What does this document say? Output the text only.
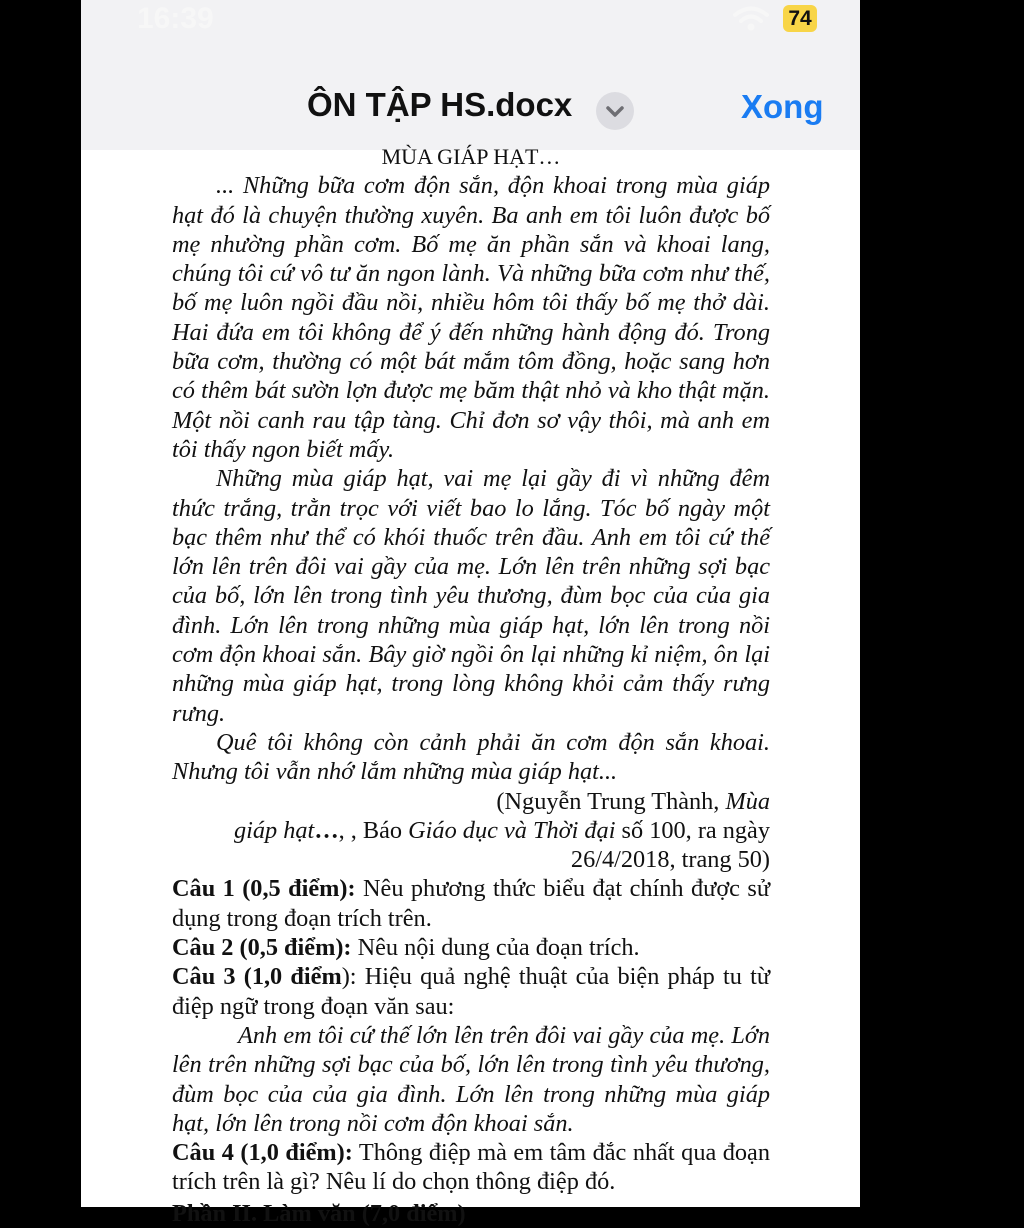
16:39	74
ÔN TẬP HS.docx	Xong

MÙA GIÁP HẠT…

... Những bữa cơm độn sắn, độn khoai trong mùa giáp hạt đó là chuyện thường xuyên. Ba anh em tôi luôn được bố mẹ nhường phần cơm. Bố mẹ ăn phần sắn và khoai lang, chúng tôi cứ vô tư ăn ngon lành. Và những bữa cơm như thế, bố mẹ luôn ngồi đầu nồi, nhiều hôm tôi thấy bố mẹ thở dài. Hai đứa em tôi không để ý đến những hành động đó. Trong bữa cơm, thường có một bát mắm tôm đồng, hoặc sang hơn có thêm bát sườn lợn được mẹ băm thật nhỏ và kho thật mặn. Một nồi canh rau tập tàng. Chỉ đơn sơ vậy thôi, mà anh em tôi thấy ngon biết mấy.

Những mùa giáp hạt, vai mẹ lại gầy đi vì những đêm thức trắng, trằn trọc với viết bao lo lắng. Tóc bố ngày một bạc thêm như thể có khói thuốc trên đầu. Anh em tôi cứ thế lớn lên trên đôi vai gầy của mẹ. Lớn lên trên những sợi bạc của bố, lớn lên trong tình yêu thương, đùm bọc của của gia đình. Lớn lên trong những mùa giáp hạt, lớn lên trong nồi cơm độn khoai sắn. Bây giờ ngồi ôn lại những kỉ niệm, ôn lại những mùa giáp hạt, trong lòng không khỏi cảm thấy rưng rưng.

Quê tôi không còn cảnh phải ăn cơm độn sắn khoai. Nhưng tôi vẫn nhớ lắm những mùa giáp hạt...

(Nguyễn Trung Thành, Mùa

giáp hạt…, , Báo Giáo dục và Thời đại số 100, ra ngày

26/4/2018, trang 50)

Câu 1 (0,5 điểm): Nêu phương thức biểu đạt chính được sử dụng trong đoạn trích trên.

Câu 2 (0,5 điểm): Nêu nội dung của đoạn trích.

Câu 3 (1,0 điểm): Hiệu quả nghệ thuật của biện pháp tu từ điệp ngữ trong đoạn văn sau:

Anh em tôi cứ thế lớn lên trên đôi vai gầy của mẹ. Lớn lên trên những sợi bạc của bố, lớn lên trong tình yêu thương, đùm bọc của của gia đình. Lớn lên trong những mùa giáp hạt, lớn lên trong nồi cơm độn khoai sắn.

Câu 4 (1,0 điểm): Thông điệp mà em tâm đắc nhất qua đoạn trích trên là gì? Nêu lí do chọn thông điệp đó.

Phần II. Làm văn (7,0 điểm)
